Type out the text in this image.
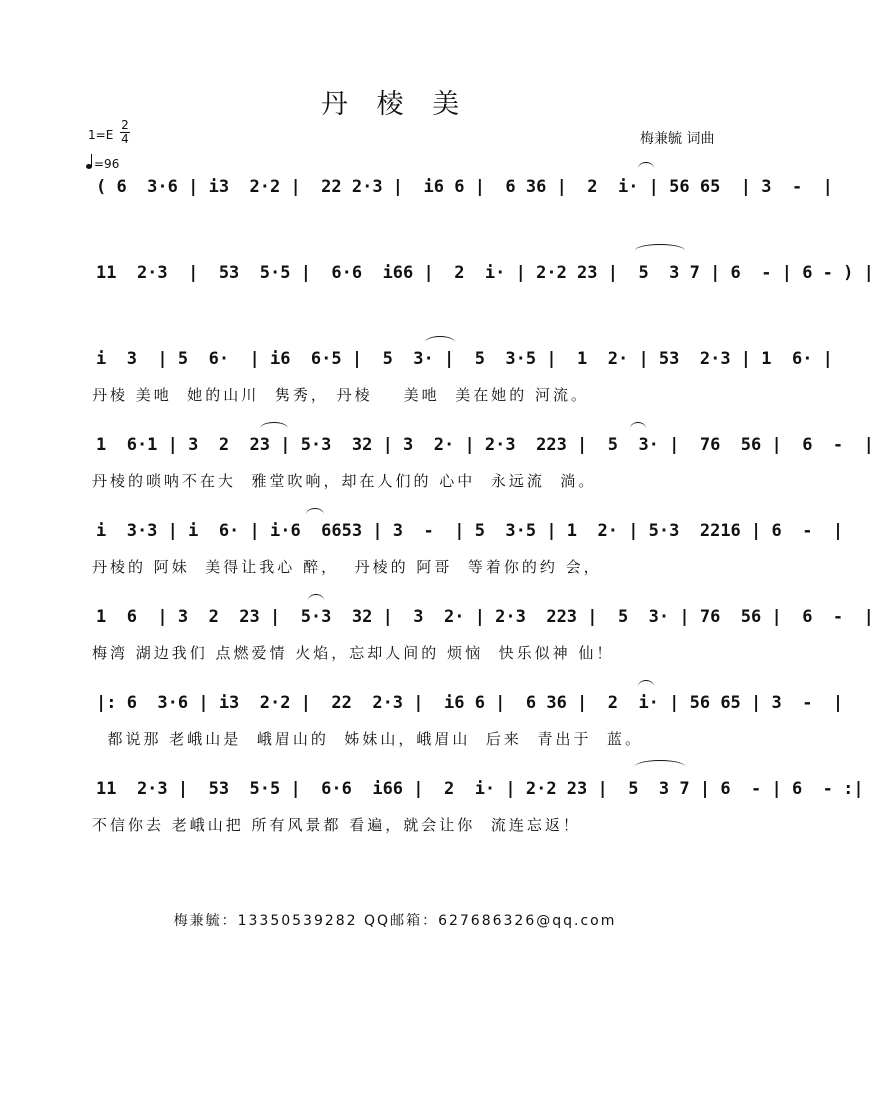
丹 棱 美
1=E
2
4
=96
梅兼毓 词曲

( 6  3·6 | i3  2·2 |  22 2·3 |  i6 6 |  6 36 |  2  i· | 56 65  | 3  -  |

11  2·3  |  53  5·5 |  6·6  i66 |  2  i· | 2·2 23 |  5  3 7 | 6  - | 6 - ) |

i  3  | 5  6·  | i6  6·5 |  5  3· |  5  3·5 |  1  2· | 53  2·3 | 1  6· |

丹棱 美吔  她的山川  隽秀， 丹棱    美吔  美在她的 河流。

1  6·1 | 3  2  23 | 5·3  32 | 3  2· | 2·3  223 |  5  3· |  76  56 |  6  -  |

丹棱的唢呐不在大  雅堂吹响，却在人们的 心中  永远流  淌。

i  3·3 | i  6· | i·6  6653 | 3  -  | 5  3·5 | 1  2· | 5·3  2216 | 6  -  |

丹棱的 阿妹  美得让我心 醉，  丹棱的 阿哥  等着你的约 会，

1  6  | 3  2  23 |  5·3  32 |  3  2· | 2·3  223 |  5  3· | 76  56 |  6  -  |

梅湾 湖边我们 点燃爱情 火焰，忘却人间的 烦恼  快乐似神 仙！

|: 6  3·6 | i3  2·2 |  22  2·3 |  i6 6 |  6 36 |  2  i· | 56 65 | 3  -  |

都说那 老峨山是  峨眉山的  姊妹山，峨眉山  后来  青出于  蓝。

11  2·3 |  53  5·5 |  6·6  i66 |  2  i· | 2·2 23 |  5  3 7 | 6  - | 6  - :|

不信你去 老峨山把 所有风景都 看遍，就会让你  流连忘返！
梅兼毓：13350539282 QQ邮箱：627686326@qq.com
